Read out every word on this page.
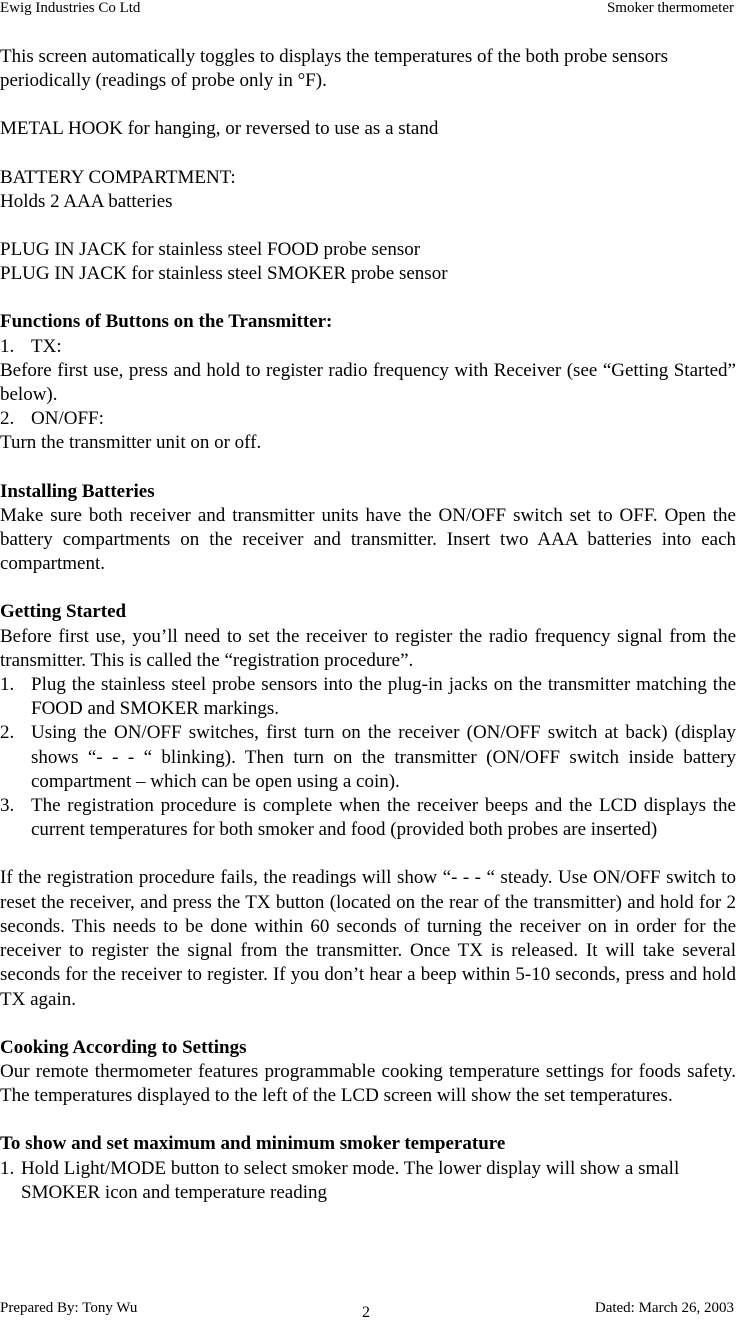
Ewig Industries Co Ltd	Smoker thermometer

This screen automatically toggles to displays the temperatures of the both probe sensors periodically (readings of probe only in °F).

METAL HOOK for hanging, or reversed to use as a stand

BATTERY COMPARTMENT:

Holds 2 AAA batteries

PLUG IN JACK for stainless steel FOOD probe sensor

PLUG IN JACK for stainless steel SMOKER probe sensor

Functions of Buttons on the Transmitter:

1. TX:

Before first use, press and hold to register radio frequency with Receiver (see “Getting Started” below).

2. ON/OFF:

Turn the transmitter unit on or off.

Installing Batteries

Make sure both receiver and transmitter units have the ON/OFF switch set to OFF. Open the battery compartments on the receiver and transmitter. Insert two AAA batteries into each compartment.

Getting Started

Before first use, you’ll need to set the receiver to register the radio frequency signal from the transmitter. This is called the “registration procedure”.

1. Plug the stainless steel probe sensors into the plug-in jacks on the transmitter matching the FOOD and SMOKER markings.
2. Using the ON/OFF switches, first turn on the receiver (ON/OFF switch at back) (display shows “- - - “ blinking). Then turn on the transmitter (ON/OFF switch inside battery compartment – which can be open using a coin).
3. The registration procedure is complete when the receiver beeps and the LCD displays the current temperatures for both smoker and food (provided both probes are inserted)

If the registration procedure fails, the readings will show “- - - “ steady. Use ON/OFF switch to reset the receiver, and press the TX button (located on the rear of the transmitter) and hold for 2 seconds. This needs to be done within 60 seconds of turning the receiver on in order for the receiver to register the signal from the transmitter. Once TX is released. It will take several seconds for the receiver to register. If you don’t hear a beep within 5-10 seconds, press and hold TX again.

Cooking According to Settings

Our remote thermometer features programmable cooking temperature settings for foods safety. The temperatures displayed to the left of the LCD screen will show the set temperatures.

To show and set maximum and minimum smoker temperature

1. Hold Light/MODE button to select smoker mode. The lower display will show a small SMOKER icon and temperature reading
Prepared By: Tony Wu	2	Dated: March 26, 2003
